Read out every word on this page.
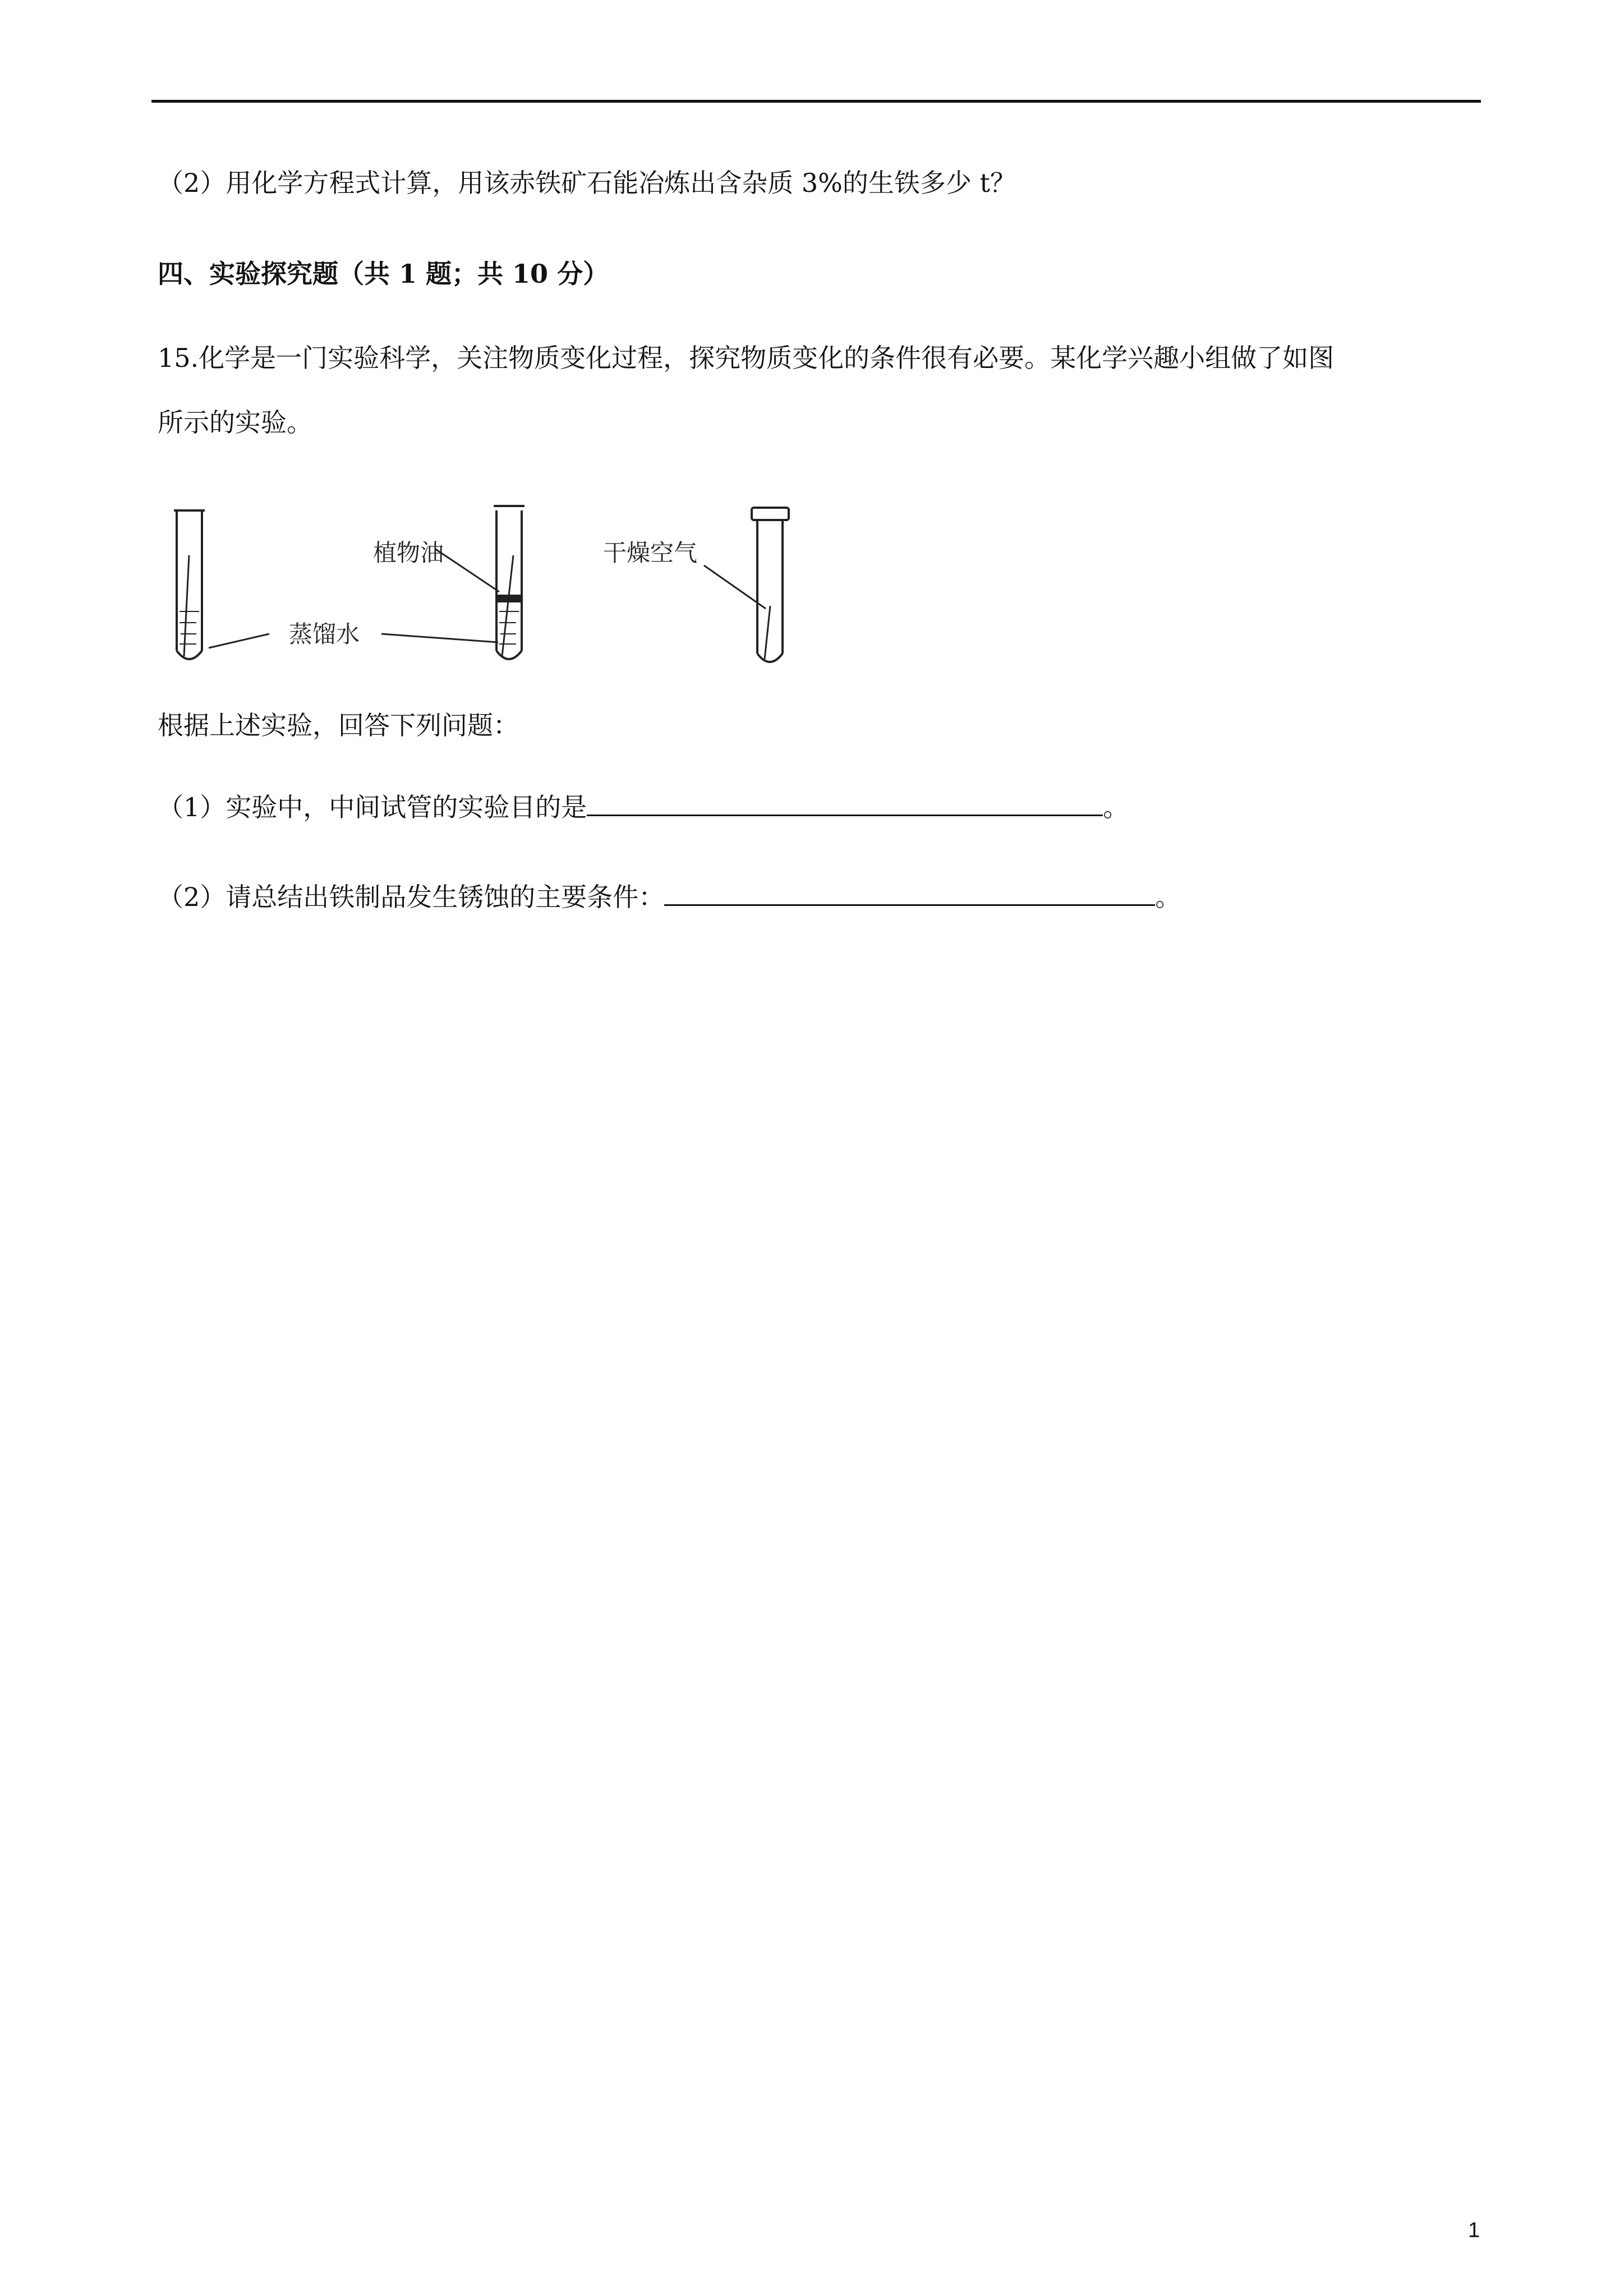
（2）用化学方程式计算，用该赤铁矿石能冶炼出含杂质 3%的生铁多少 t？
四、实验探究题（共 1 题；共 10 分）
15.化学是一门实验科学，关注物质变化过程，探究物质变化的条件很有必要。某化学兴趣小组做了如图
所示的实验。
植物油
蒸馏水
干燥空气
根据上述实验，回答下列问题：
（1）实验中，中间试管的实验目的是	。
（2）请总结出铁制品发生锈蚀的主要条件：	。
1
